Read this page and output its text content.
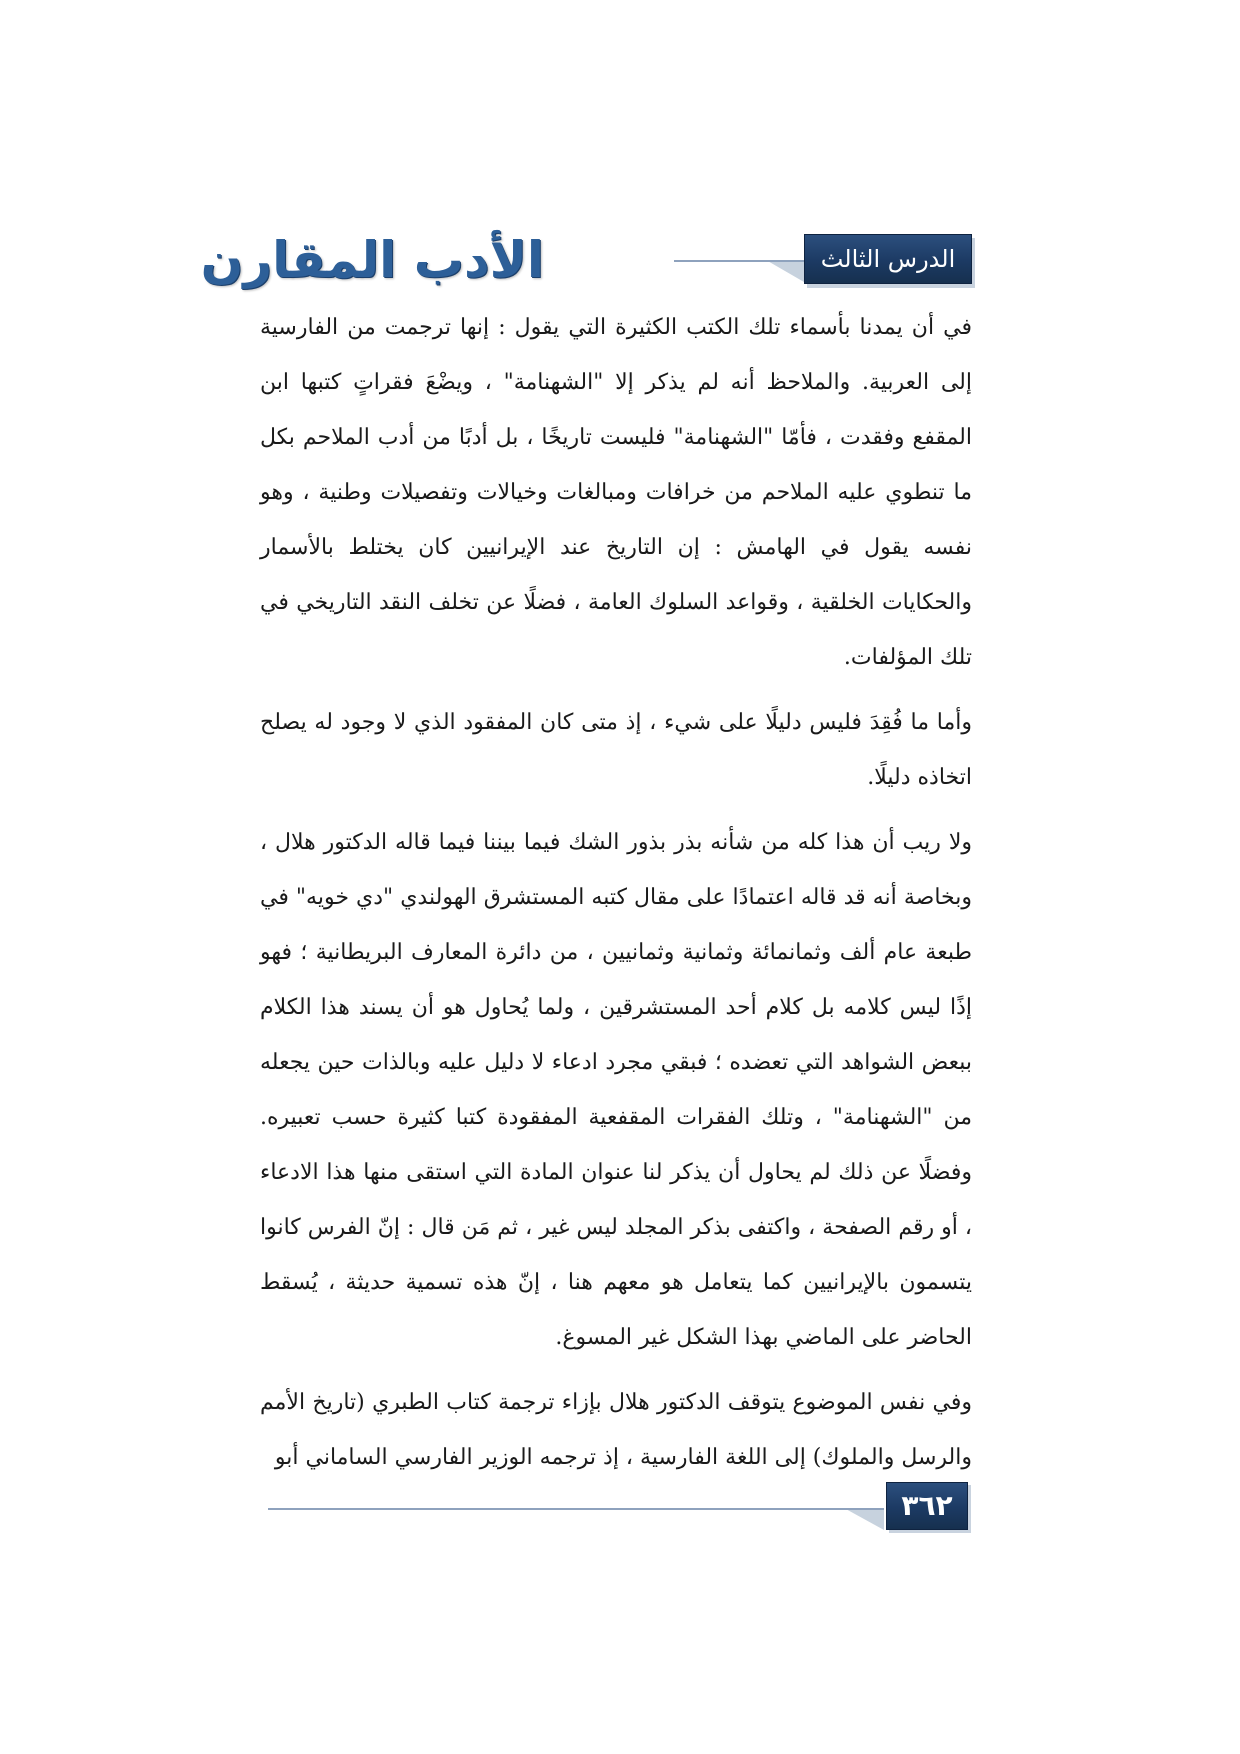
الدرس الثالث عشر
الأدب المقارن

في أن يمدنا بأسماء تلك الكتب الكثيرة التي يقول : إنها ترجمت من الفارسية إلى العربية. والملاحظ أنه لم يذكر إلا "الشهنامة" ، ويضْعَ فقراتٍ كتبها ابن المقفع وفقدت ، فأمّا "الشهنامة" فليست تاريخًا ، بل أدبًا من أدب الملاحم بكل ما تنطوي عليه الملاحم من خرافات ومبالغات وخيالات وتفصيلات وطنية ، وهو نفسه يقول في الهامش : إن التاريخ عند الإيرانيين كان يختلط بالأسمار والحكايات الخلقية ، وقواعد السلوك العامة ، فضلًا عن تخلف النقد التاريخي في تلك المؤلفات.

وأما ما فُقِدَ فليس دليلًا على شيء ، إذ متى كان المفقود الذي لا وجود له يصلح اتخاذه دليلًا.

ولا ريب أن هذا كله من شأنه بذر بذور الشك فيما بيننا فيما قاله الدكتور هلال ، وبخاصة أنه قد قاله اعتمادًا على مقال كتبه المستشرق الهولندي "دي خويه" في طبعة عام ألف وثمانمائة وثمانية وثمانيين ، من دائرة المعارف البريطانية ؛ فهو إذًا ليس كلامه بل كلام أحد المستشرقين ، ولما يُحاول هو أن يسند هذا الكلام ببعض الشواهد التي تعضده ؛ فبقي مجرد ادعاء لا دليل عليه وبالذات حين يجعله من "الشهنامة" ، وتلك الفقرات المقفعية المفقودة كتبا كثيرة حسب تعبيره. وفضلًا عن ذلك لم يحاول أن يذكر لنا عنوان المادة التي استقى منها هذا الادعاء ، أو رقم الصفحة ، واكتفى بذكر المجلد ليس غير ، ثم مَن قال : إنّ الفرس كانوا يتسمون بالإيرانيين كما يتعامل هو معهم هنا ، إنّ هذه تسمية حديثة ، يُسقط الحاضر على الماضي بهذا الشكل غير المسوغ.

وفي نفس الموضوع يتوقف الدكتور هلال بإزاء ترجمة كتاب الطبري (تاريخ الأمم والرسل والملوك) إلى اللغة الفارسية ، إذ ترجمه الوزير الفارسي الساماني أبو

٣٦٢
